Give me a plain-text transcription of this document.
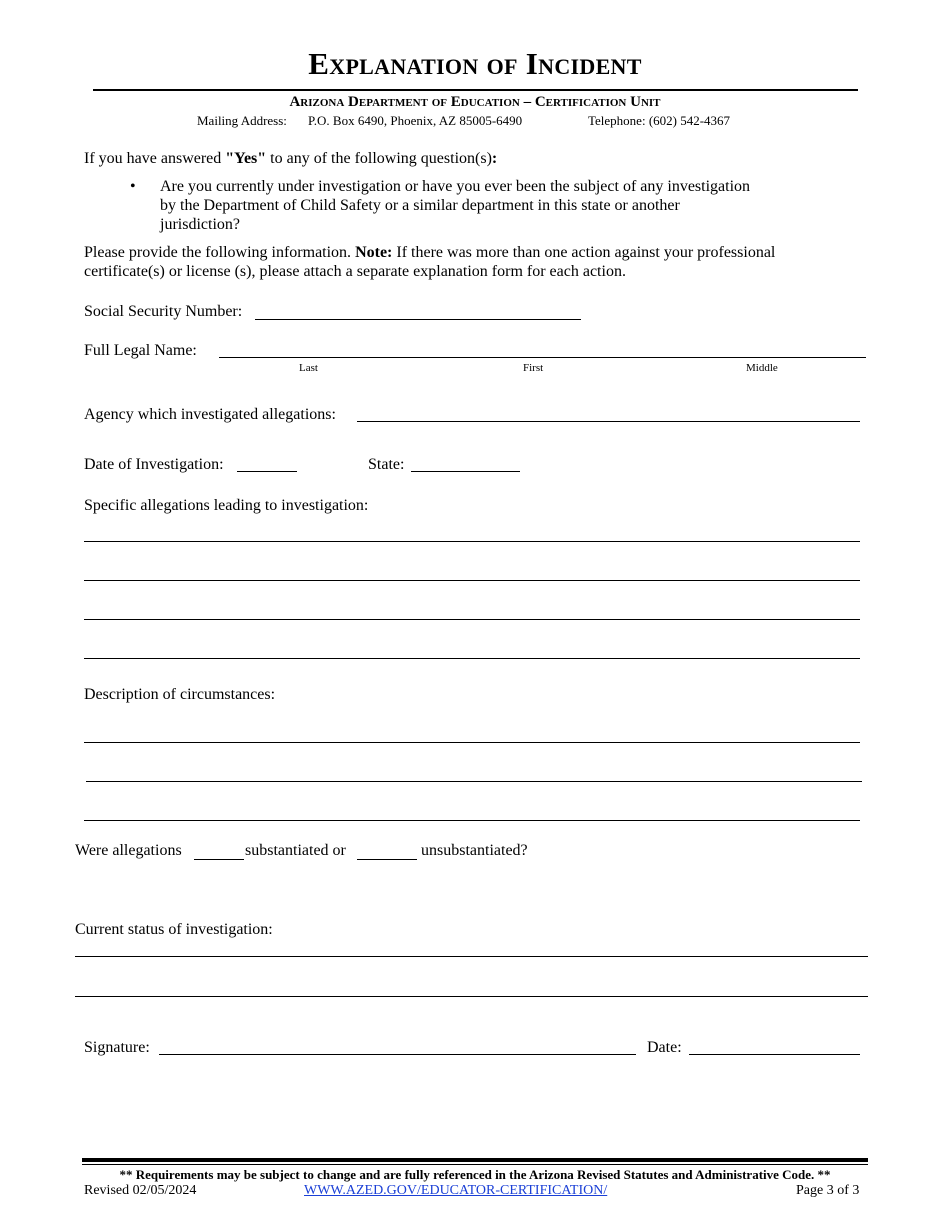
Explanation of Incident
Arizona Department of Education – Certification Unit
Mailing Address: P.O. Box 6490, Phoenix, AZ 85005-6490	Telephone: (602) 542-4367
If you have answered "Yes" to any of the following question(s):
• Are you currently under investigation or have you ever been the subject of any investigation by the Department of Child Safety or a similar department in this state or another jurisdiction?
Please provide the following information. Note: If there was more than one action against your professional certificate(s) or license (s), please attach a separate explanation form for each action.
Social Security Number:
Full Legal Name:
Last	First	Middle
Agency which investigated allegations:
Date of Investigation:	State:
Specific allegations leading to investigation:
Description of circumstances:
Were allegations	substantiated or	unsubstantiated?
Current status of investigation:
Signature:	Date:
** Requirements may be subject to change and are fully referenced in the Arizona Revised Statutes and Administrative Code. **
Revised 02/05/2024	WWW.AZED.GOV/EDUCATOR-CERTIFICATION/	Page 3 of 3
